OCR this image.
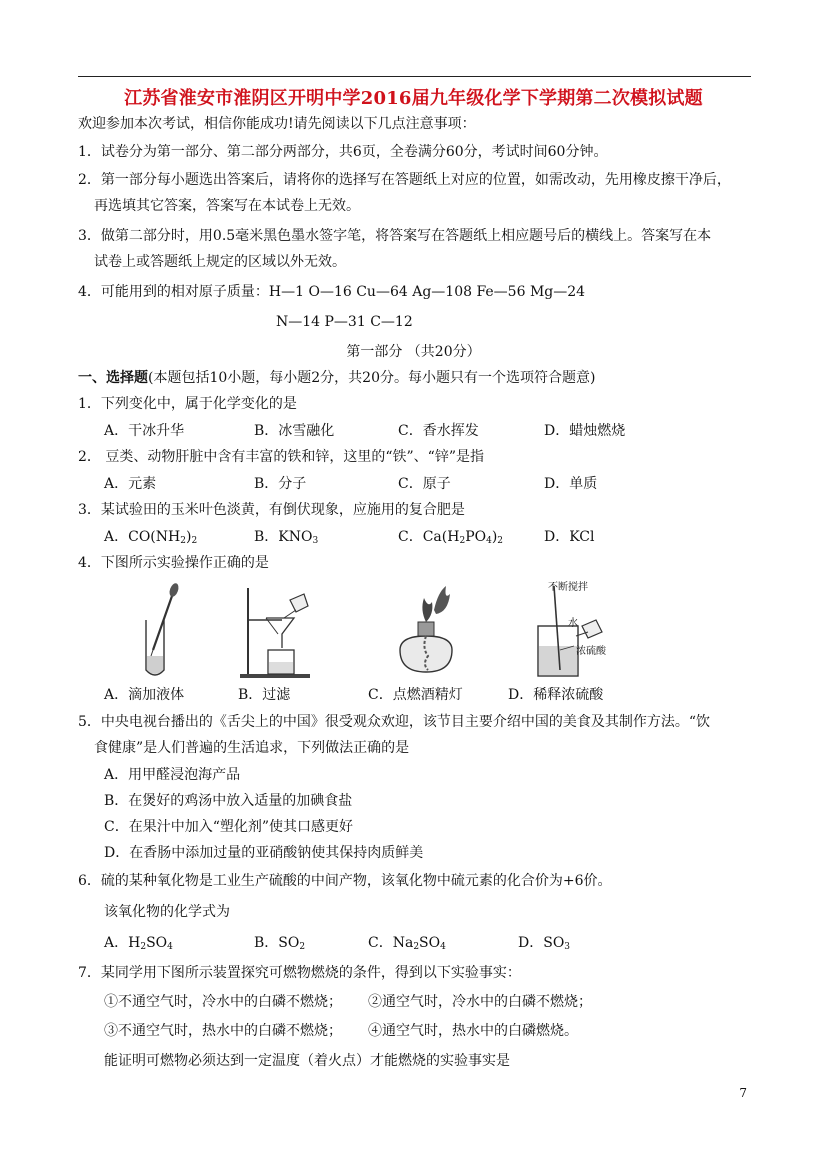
江苏省淮安市淮阴区开明中学2016届九年级化学下学期第二次模拟试题
欢迎参加本次考试，相信你能成功!请先阅读以下几点注意事项：
1．试卷分为第一部分、第二部分两部分，共6页，全卷满分60分，考试时间60分钟。
2．第一部分每小题选出答案后，请将你的选择写在答题纸上对应的位置，如需改动，先用橡皮擦干净后，
再选填其它答案，答案写在本试卷上无效。
3．做第二部分时，用0.5毫米黑色墨水签字笔，将答案写在答题纸上相应题号后的横线上。答案写在本
试卷上或答题纸上规定的区域以外无效。
4．可能用到的相对原子质量：H—1 O—16 Cu—64 Ag—108 Fe—56 Mg—24
N—14 P—31 C—12
第一部分 （共20分）
一、选择题(本题包括10小题，每小题2分，共20分。每小题只有一个选项符合题意)
1．下列变化中，属于化学变化的是
A．干冰升华	B．冰雪融化	C．香水挥发	D．蜡烛燃烧
2． 豆类、动物肝脏中含有丰富的铁和锌，这里的“铁”、“锌”是指
A．元素	B．分子	C．原子	D．单质
3．某试验田的玉米叶色淡黄，有倒伏现象，应施用的复合肥是
A．$CO(NH_2)_2$	B．$KNO_3$	C．$Ca(H_2PO_4)_2$	D．KCl
4．下图所示实验操作正确的是
不断搅拌
水
浓硫酸
A．滴加液体	B．过滤	C．点燃酒精灯	D．稀释浓硫酸
5．中央电视台播出的《舌尖上的中国》很受观众欢迎，该节目主要介绍中国的美食及其制作方法。“饮
食健康”是人们普遍的生活追求，下列做法正确的是
A．用甲醛浸泡海产品
B．在煲好的鸡汤中放入适量的加碘食盐
C．在果汁中加入“塑化剂”使其口感更好
D．在香肠中添加过量的亚硝酸钠使其保持肉质鲜美
6．硫的某种氧化物是工业生产硫酸的中间产物，该氧化物中硫元素的化合价为+6价。
该氧化物的化学式为
A．$H_2SO_4$	B．$SO_2$	C．$Na_2SO_4$	D．$SO_3$
7．某同学用下图所示装置探究可燃物燃烧的条件，得到以下实验事实：
①不通空气时，冷水中的白磷不燃烧； ②通空气时，冷水中的白磷不燃烧；
③不通空气时，热水中的白磷不燃烧； ④通空气时，热水中的白磷燃烧。
能证明可燃物必须达到一定温度（着火点）才能燃烧的实验事实是
7
